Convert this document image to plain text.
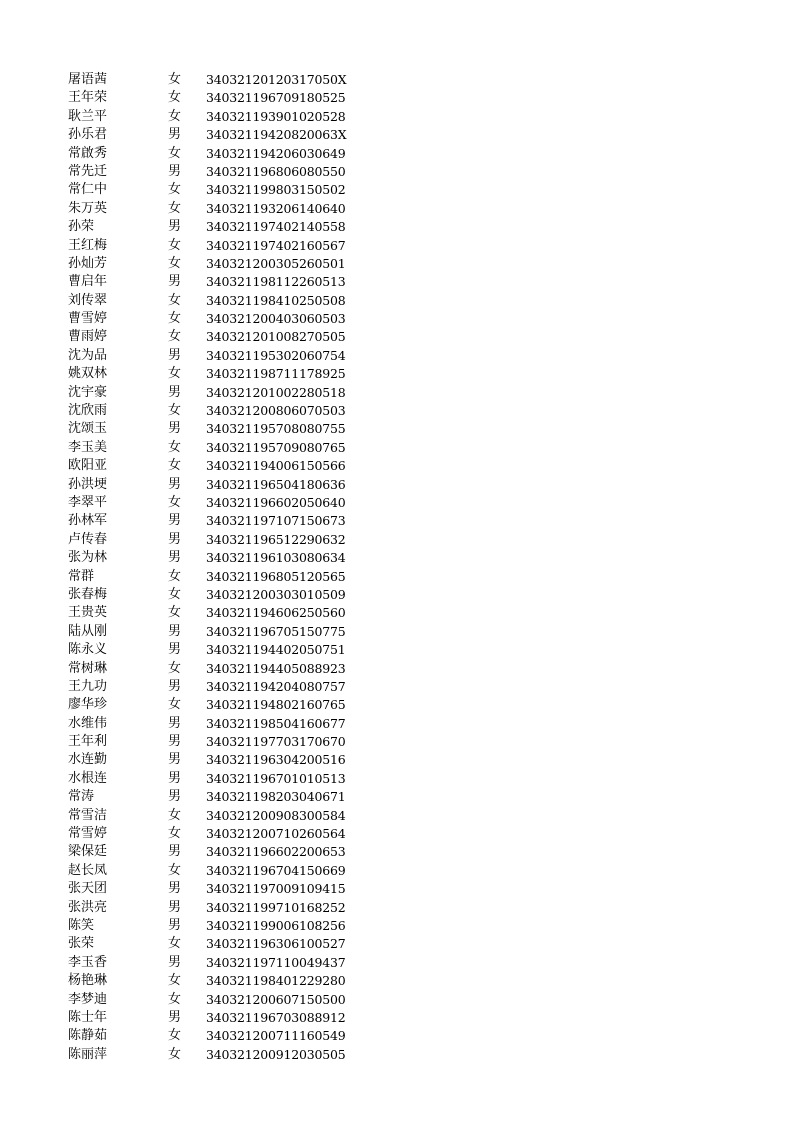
屠语茜	女	34032120120317050X
王年荣	女	340321196709180525
耿兰平	女	340321193901020528
孙乐君	男	34032119420820063X
常啟秀	女	340321194206030649
常先迁	男	340321196806080550
常仁中	女	340321199803150502
朱万英	女	340321193206140640
孙荣	男	340321197402140558
王红梅	女	340321197402160567
孙灿芳	女	340321200305260501
曹启年	男	340321198112260513
刘传翠	女	340321198410250508
曹雪婷	女	340321200403060503
曹雨婷	女	340321201008270505
沈为品	男	340321195302060754
姚双林	女	340321198711178925
沈宇豪	男	340321201002280518
沈欣雨	女	340321200806070503
沈颂玉	男	340321195708080755
李玉美	女	340321195709080765
欧阳亚	女	340321194006150566
孙洪埂	男	340321196504180636
李翠平	女	340321196602050640
孙林军	男	340321197107150673
卢传春	男	340321196512290632
张为林	男	340321196103080634
常群	女	340321196805120565
张春梅	女	340321200303010509
王贵英	女	340321194606250560
陆从刚	男	340321196705150775
陈永义	男	340321194402050751
常树琳	女	340321194405088923
王九功	男	340321194204080757
廖华珍	女	340321194802160765
水维伟	男	340321198504160677
王年利	男	340321197703170670
水连勤	男	340321196304200516
水根连	男	340321196701010513
常涛	男	340321198203040671
常雪洁	女	340321200908300584
常雪婷	女	340321200710260564
梁保廷	男	340321196602200653
赵长凤	女	340321196704150669
张天团	男	340321197009109415
张洪亮	男	340321199710168252
陈笑	男	340321199006108256
张荣	女	340321196306100527
李玉香	男	340321197110049437
杨艳琳	女	340321198401229280
李梦迪	女	340321200607150500
陈士年	男	340321196703088912
陈静茹	女	340321200711160549
陈丽萍	女	340321200912030505
